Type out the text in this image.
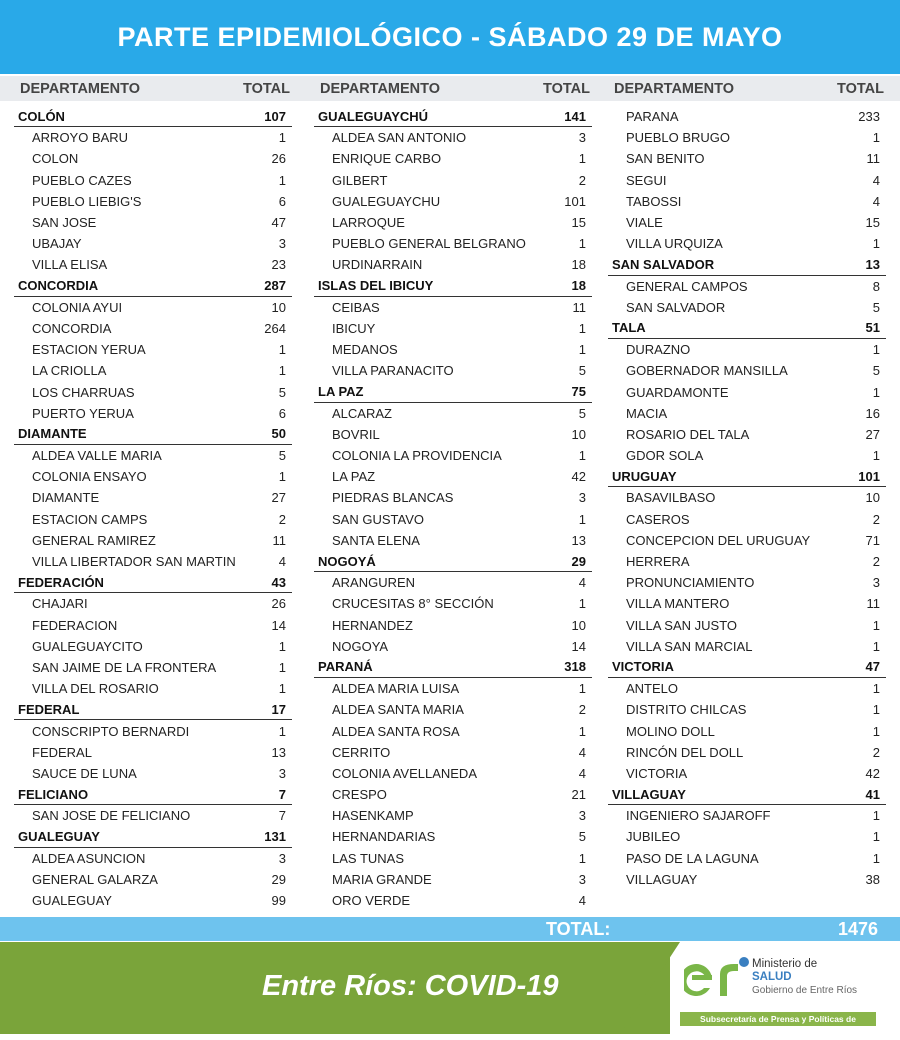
PARTE EPIDEMIOLÓGICO - SÁBADO 29 DE MAYO
DEPARTAMENTO	TOTAL
COLÓN	107
ARROYO BARU	1
COLON	26
PUEBLO CAZES	1
PUEBLO LIEBIG'S	6
SAN JOSE	47
UBAJAY	3
VILLA ELISA	23
CONCORDIA	287
COLONIA AYUI	10
CONCORDIA	264
ESTACION YERUA	1
LA CRIOLLA	1
LOS CHARRUAS	5
PUERTO YERUA	6
DIAMANTE	50
ALDEA VALLE MARIA	5
COLONIA ENSAYO	1
DIAMANTE	27
ESTACION CAMPS	2
GENERAL RAMIREZ	11
VILLA LIBERTADOR SAN MARTIN	4
FEDERACIÓN	43
CHAJARI	26
FEDERACION	14
GUALEGUAYCITO	1
SAN JAIME DE LA FRONTERA	1
VILLA DEL ROSARIO	1
FEDERAL	17
CONSCRIPTO BERNARDI	1
FEDERAL	13
SAUCE DE LUNA	3
FELICIANO	7
SAN JOSE DE FELICIANO	7
GUALEGUAY	131
ALDEA ASUNCION	3
GENERAL GALARZA	29
GUALEGUAY	99
DEPARTAMENTO	TOTAL
GUALEGUAYCHÚ	141
ALDEA SAN ANTONIO	3
ENRIQUE CARBO	1
GILBERT	2
GUALEGUAYCHU	101
LARROQUE	15
PUEBLO GENERAL BELGRANO	1
URDINARRAIN	18
ISLAS DEL IBICUY	18
CEIBAS	11
IBICUY	1
MEDANOS	1
VILLA PARANACITO	5
LA PAZ	75
ALCARAZ	5
BOVRIL	10
COLONIA LA PROVIDENCIA	1
LA PAZ	42
PIEDRAS BLANCAS	3
SAN GUSTAVO	1
SANTA ELENA	13
NOGOYÁ	29
ARANGUREN	4
CRUCESITAS 8° SECCIÓN	1
HERNANDEZ	10
NOGOYA	14
PARANÁ	318
ALDEA MARIA LUISA	1
ALDEA SANTA MARIA	2
ALDEA SANTA ROSA	1
CERRITO	4
COLONIA AVELLANEDA	4
CRESPO	21
HASENKAMP	3
HERNANDARIAS	5
LAS TUNAS	1
MARIA GRANDE	3
ORO VERDE	4
DEPARTAMENTO	TOTAL
PARANA	233
PUEBLO BRUGO	1
SAN BENITO	11
SEGUI	4
TABOSSI	4
VIALE	15
VILLA URQUIZA	1
SAN SALVADOR	13
GENERAL CAMPOS	8
SAN SALVADOR	5
TALA	51
DURAZNO	1
GOBERNADOR MANSILLA	5
GUARDAMONTE	1
MACIA	16
ROSARIO DEL TALA	27
GDOR SOLA	1
URUGUAY	101
BASAVILBASO	10
CASEROS	2
CONCEPCION DEL URUGUAY	71
HERRERA	2
PRONUNCIAMIENTO	3
VILLA MANTERO	11
VILLA SAN JUSTO	1
VILLA SAN MARCIAL	1
VICTORIA	47
ANTELO	1
DISTRITO CHILCAS	1
MOLINO DOLL	1
RINCÓN DEL DOLL	2
VICTORIA	42
VILLAGUAY	41
INGENIERO SAJAROFF	1
JUBILEO	1
PASO DE LA LAGUNA	1
VILLAGUAY	38
TOTAL:	1476
Entre Ríos: COVID-19
Ministerio de
SALUD
Gobierno de Entre Ríos
Subsecretaría de Prensa y Políticas de Comunicación
